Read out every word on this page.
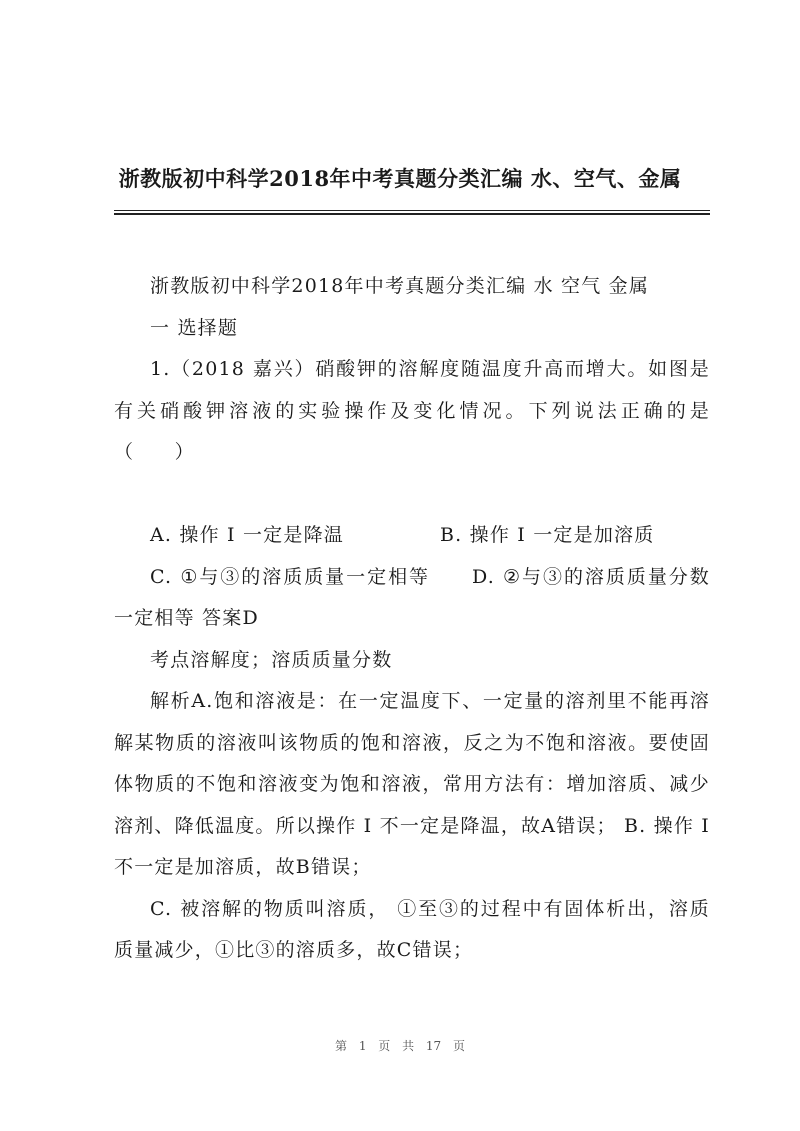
浙教版初中科学2018年中考真题分类汇编 水、空气、金属

浙教版初中科学2018年中考真题分类汇编 水 空气 金属

一 选择题

1.（2018 嘉兴）硝酸钾的溶解度随温度升高而增大。如图是有关硝酸钾溶液的实验操作及变化情况。下列说法正确的是（　　）

A. 操作 I 一定是降温	B. 操作 I 一定是加溶质

C. ①与③的溶质质量一定相等　　D. ②与③的溶质质量分数一定相等 答案D

考点溶解度；溶质质量分数

解析A.饱和溶液是：在一定温度下、一定量的溶剂里不能再溶解某物质的溶液叫该物质的饱和溶液，反之为不饱和溶液。要使固体物质的不饱和溶液变为饱和溶液，常用方法有：增加溶质、减少溶剂、降低温度。所以操作 I 不一定是降温，故A错误； B. 操作 I 不一定是加溶质，故B错误；

C. 被溶解的物质叫溶质， ①至③的过程中有固体析出，溶质质量减少，①比③的溶质多，故C错误；

第 1 页 共 17 页
